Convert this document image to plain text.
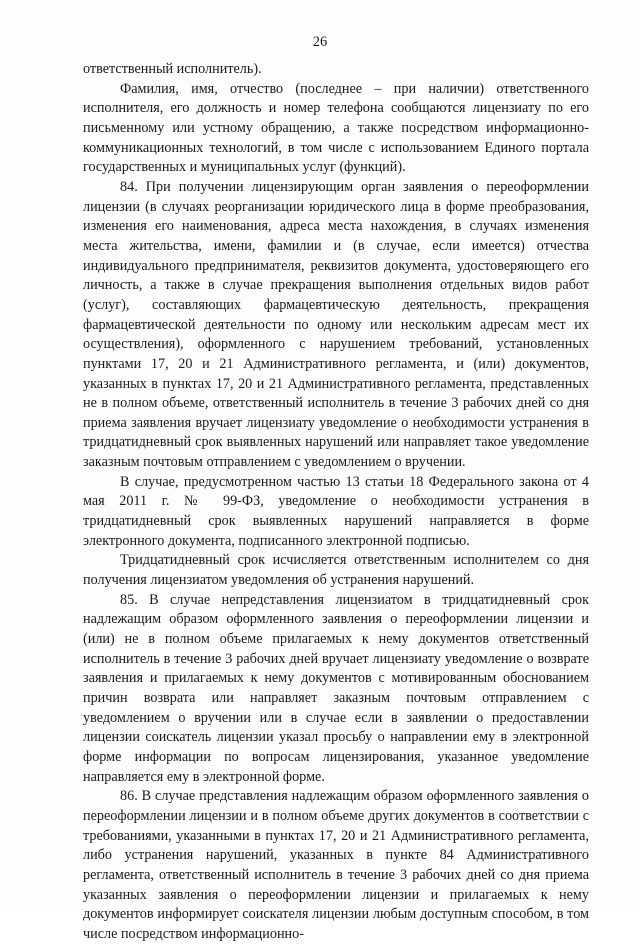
26

ответственный исполнитель).

Фамилия, имя, отчество (последнее – при наличии) ответственного исполнителя, его должность и номер телефона сообщаются лицензиату по его письменному или устному обращению, а также посредством информационно-коммуникационных технологий, в том числе с использованием Единого портала государственных и муниципальных услуг (функций).

84. При получении лицензирующим орган заявления о переоформлении лицензии (в случаях реорганизации юридического лица в форме преобразования, изменения его наименования, адреса места нахождения, в случаях изменения места жительства, имени, фамилии и (в случае, если имеется) отчества индивидуального предпринимателя, реквизитов документа, удостоверяющего его личность, а также в случае прекращения выполнения отдельных видов работ (услуг), составляющих фармацевтическую деятельность, прекращения фармацевтической деятельности по одному или нескольким адресам мест их осуществления), оформленного с нарушением требований, установленных пунктами 17, 20 и 21 Административного регламента, и (или) документов, указанных в пунктах 17, 20 и 21 Административного регламента, представленных не в полном объеме, ответственный исполнитель в течение 3 рабочих дней со дня приема заявления вручает лицензиату уведомление о необходимости устранения в тридцатидневный срок выявленных нарушений или направляет такое уведомление заказным почтовым отправлением с уведомлением о вручении.

В случае, предусмотренном частью 13 статьи 18 Федерального закона от 4 мая 2011 г. № 99-ФЗ, уведомление о необходимости устранения в тридцатидневный срок выявленных нарушений направляется в форме электронного документа, подписанного электронной подписью.

Тридцатидневный срок исчисляется ответственным исполнителем со дня получения лицензиатом уведомления об устранения нарушений.

85. В случае непредставления лицензиатом в тридцатидневный срок надлежащим образом оформленного заявления о переоформлении лицензии и (или) не в полном объеме прилагаемых к нему документов ответственный исполнитель в течение 3 рабочих дней вручает лицензиату уведомление о возврате заявления и прилагаемых к нему документов с мотивированным обоснованием причин возврата или направляет заказным почтовым отправлением с уведомлением о вручении или в случае если в заявлении о предоставлении лицензии соискатель лицензии указал просьбу о направлении ему в электронной форме информации по вопросам лицензирования, указанное уведомление направляется ему в электронной форме.

86. В случае представления надлежащим образом оформленного заявления о переоформлении лицензии и в полном объеме других документов в соответствии с требованиями, указанными в пунктах 17, 20 и 21 Административного регламента, либо устранения нарушений, указанных в пункте 84 Административного регламента, ответственный исполнитель в течение 3 рабочих дней со дня приема указанных заявления о переоформлении лицензии и прилагаемых к нему документов информирует соискателя лицензии любым доступным способом, в том числе посредством информационно-
